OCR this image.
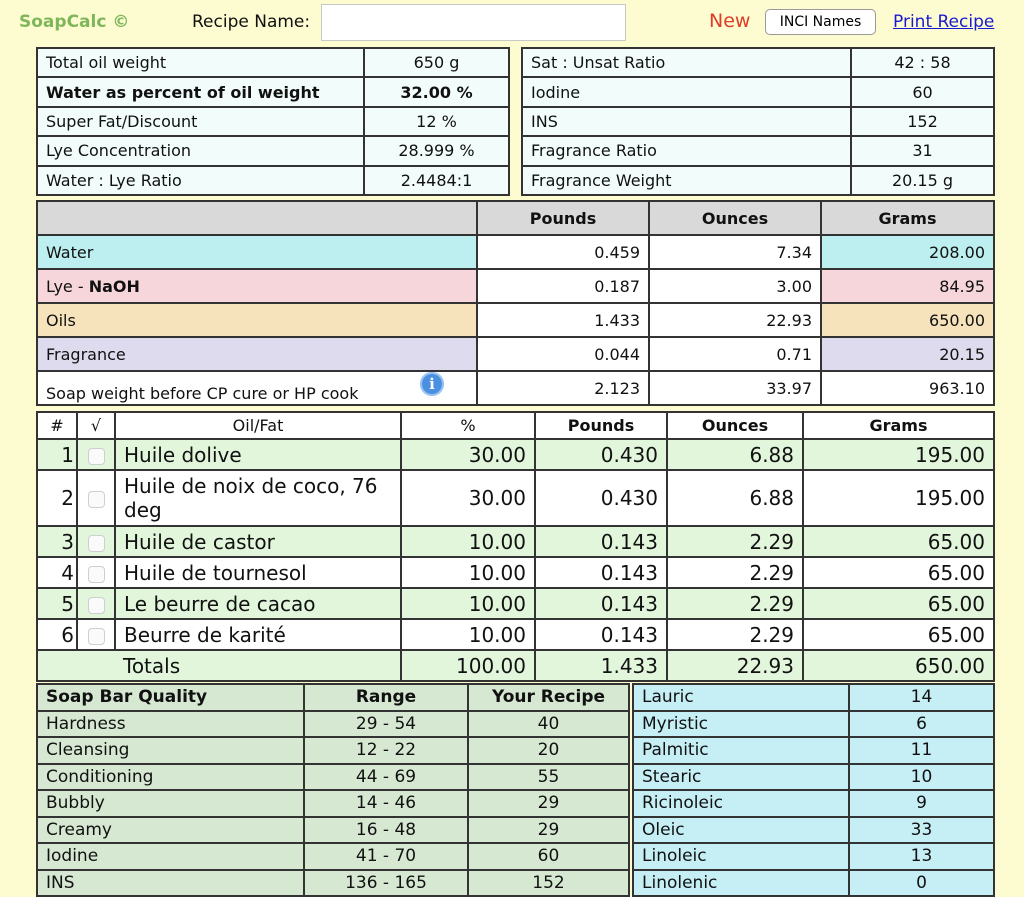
SoapCalc ©	Recipe Name:	New	INCI Names	Print Recipe
Total oil weight	650 g
Water as percent of oil weight	32.00 %
Super Fat/Discount	12 %
Lye Concentration	28.999 %
Water : Lye Ratio	2.4484:1
Sat : Unsat Ratio	42 : 58
Iodine	60
INS	152
Fragrance Ratio	31
Fragrance Weight	20.15 g
	Pounds	Ounces	Grams
Water	0.459	7.34	208.00
Lye - NaOH	0.187	3.00	84.95
Oils	1.433	22.93	650.00
Fragrance	0.044	0.71	20.15
Soap weight before CP cure or HP cook i	2.123	33.97	963.10
#	√	Oil/Fat	%	Pounds	Ounces	Grams
1		Huile dolive	30.00	0.430	6.88	195.00
2		Huile de noix de coco, 76 deg	30.00	0.430	6.88	195.00
3		Huile de castor	10.00	0.143	2.29	65.00
4		Huile de tournesol	10.00	0.143	2.29	65.00
5		Le beurre de cacao	10.00	0.143	2.29	65.00
6		Beurre de karité	10.00	0.143	2.29	65.00
		Totals	100.00	1.433	22.93	650.00
Soap Bar Quality	Range	Your Recipe
Hardness	29 - 54	40
Cleansing	12 - 22	20
Conditioning	44 - 69	55
Bubbly	14 - 46	29
Creamy	16 - 48	29
Iodine	41 - 70	60
INS	136 - 165	152
Lauric	14
Myristic	6
Palmitic	11
Stearic	10
Ricinoleic	9
Oleic	33
Linoleic	13
Linolenic	0
